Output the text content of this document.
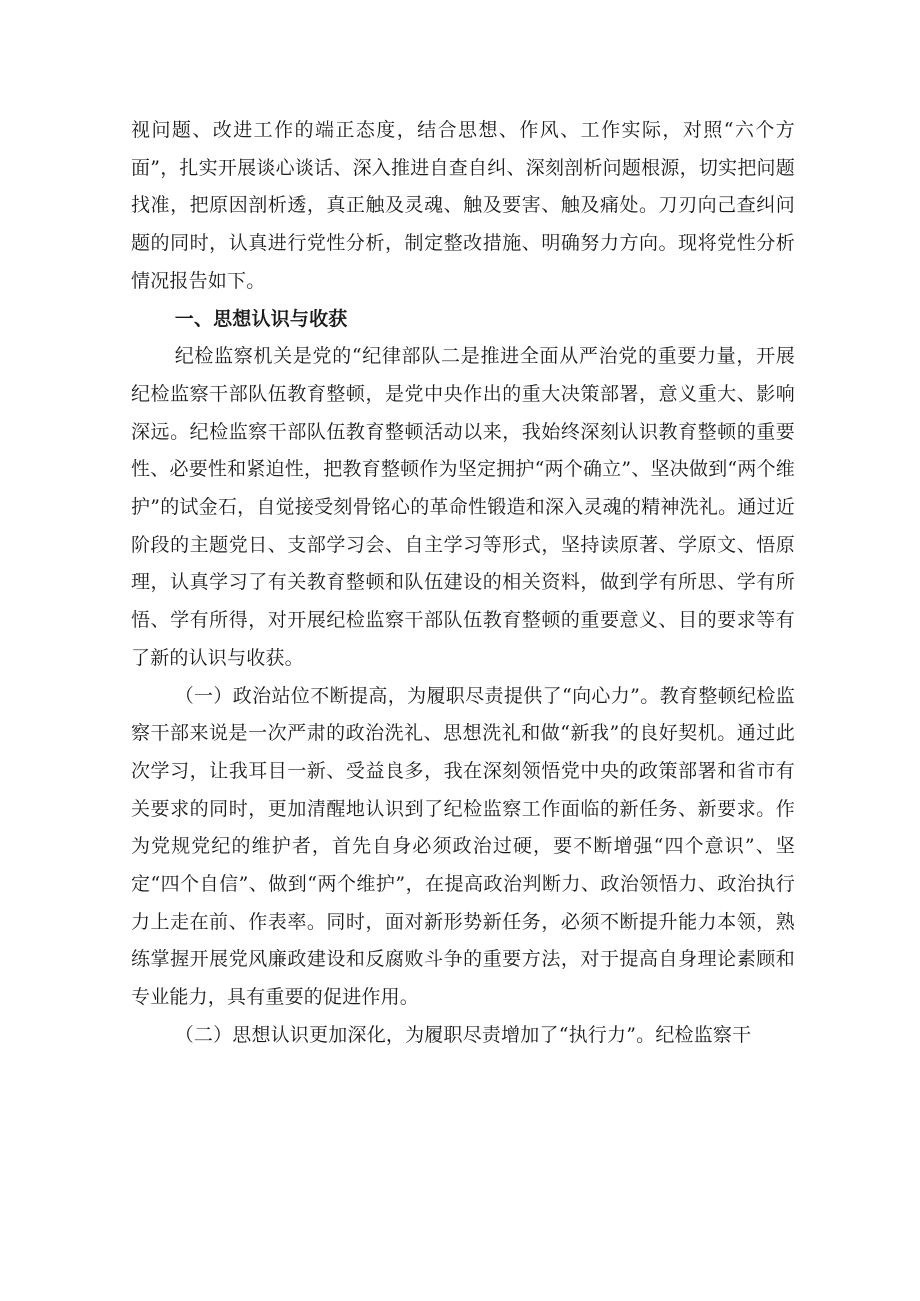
视问题、改进工作的端正态度，结合思想、作风、工作实际，对照“六个方面”，扎实开展谈心谈话、深入推进自查自纠、深刻剖析问题根源，切实把问题找准，把原因剖析透，真正触及灵魂、触及要害、触及痛处。刀刃向己查纠问题的同时，认真进行党性分析，制定整改措施、明确努力方向。现将党性分析情况报告如下。

一、思想认识与收获

纪检监察机关是党的“纪律部队二是推进全面从严治党的重要力量，开展纪检监察干部队伍教育整顿，是党中央作出的重大决策部署，意义重大、影响深远。纪检监察干部队伍教育整顿活动以来，我始终深刻认识教育整顿的重要性、必要性和紧迫性，把教育整顿作为坚定拥护“两个确立”、坚决做到“两个维护”的试金石，自觉接受刻骨铭心的革命性锻造和深入灵魂的精神洗礼。通过近阶段的主题党日、支部学习会、自主学习等形式，坚持读原著、学原文、悟原理，认真学习了有关教育整顿和队伍建设的相关资料，做到学有所思、学有所悟、学有所得，对开展纪检监察干部队伍教育整顿的重要意义、目的要求等有了新的认识与收获。

（一）政治站位不断提高，为履职尽责提供了“向心力”。教育整顿纪检监察干部来说是一次严肃的政治洗礼、思想洗礼和做“新我”的良好契机。通过此次学习，让我耳目一新、受益良多，我在深刻领悟党中央的政策部署和省市有关要求的同时，更加清醒地认识到了纪检监察工作面临的新任务、新要求。作为党规党纪的维护者，首先自身必须政治过硬，要不断增强“四个意识”、坚定“四个自信”、做到“两个维护”，在提高政治判断力、政治领悟力、政治执行力上走在前、作表率。同时，面对新形势新任务，必须不断提升能力本领，熟练掌握开展党风廉政建设和反腐败斗争的重要方法，对于提高自身理论素顾和专业能力，具有重要的促进作用。

（二）思想认识更加深化，为履职尽责增加了“执行力”。纪检监察干
